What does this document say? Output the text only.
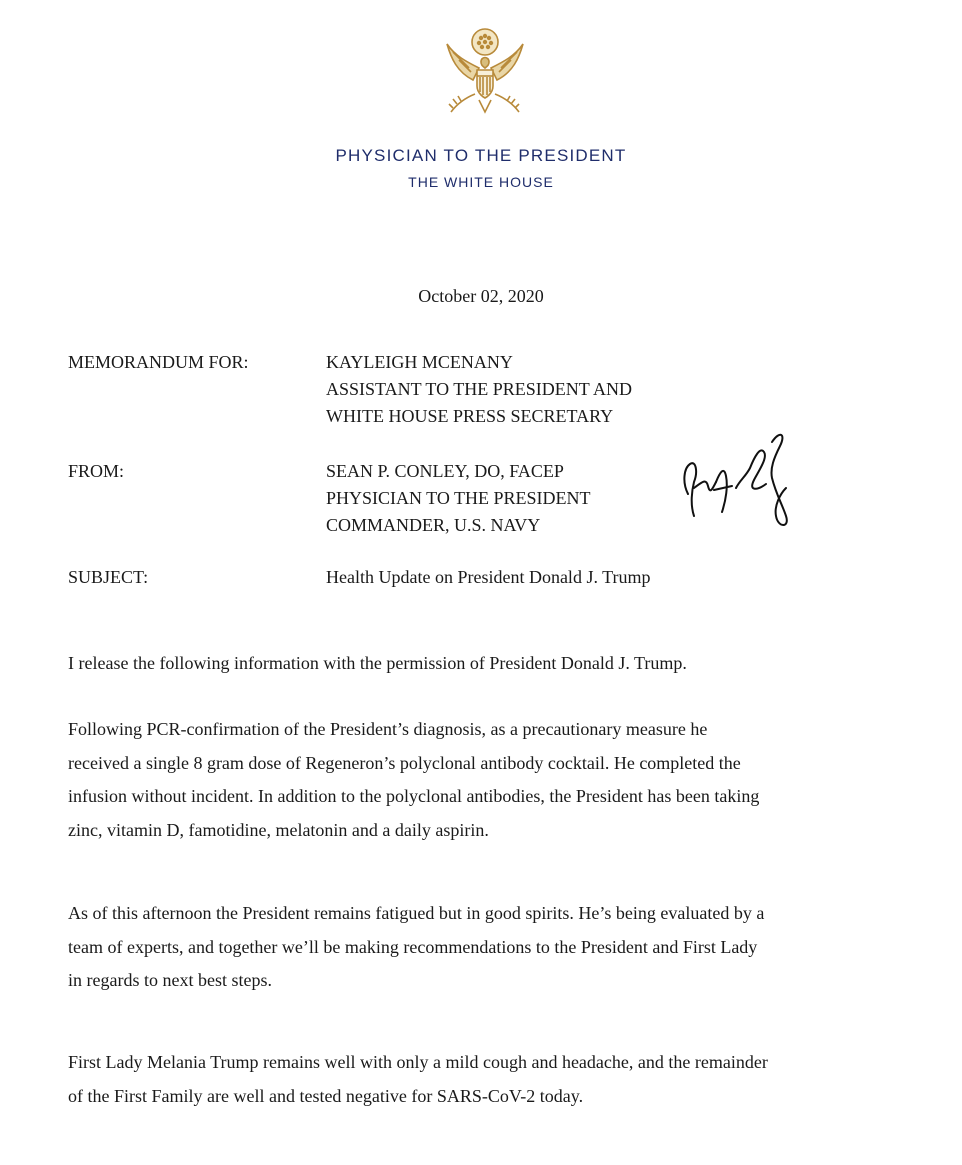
PHYSICIAN TO THE PRESIDENT
THE WHITE HOUSE
October 02, 2020
MEMORANDUM FOR:	KAYLEIGH MCENANY
ASSISTANT TO THE PRESIDENT AND
WHITE HOUSE PRESS SECRETARY
FROM:	SEAN P. CONLEY, DO, FACEP
PHYSICIAN TO THE PRESIDENT
COMMANDER, U.S. NAVY
SUBJECT:	Health Update on President Donald J. Trump

I release the following information with the permission of President Donald J. Trump.

Following PCR-confirmation of the President’s diagnosis, as a precautionary measure he
received a single 8 gram dose of Regeneron’s polyclonal antibody cocktail. He completed the
infusion without incident. In addition to the polyclonal antibodies, the President has been taking
zinc, vitamin D, famotidine, melatonin and a daily aspirin.

As of this afternoon the President remains fatigued but in good spirits. He’s being evaluated by a
team of experts, and together we’ll be making recommendations to the President and First Lady
in regards to next best steps.

First Lady Melania Trump remains well with only a mild cough and headache, and the remainder
of the First Family are well and tested negative for SARS-CoV-2 today.
